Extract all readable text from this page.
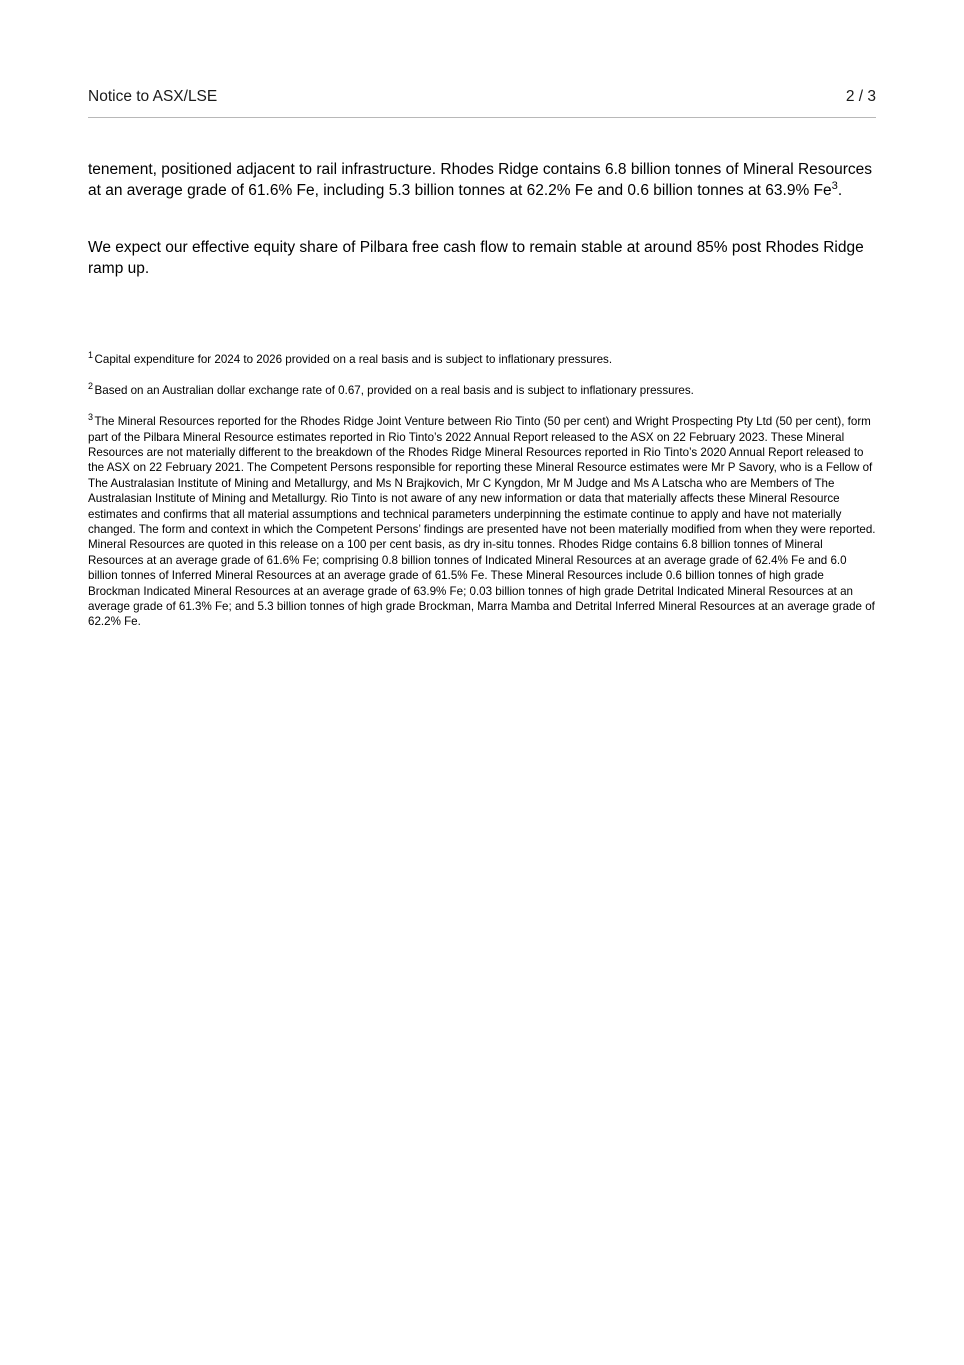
Notice to ASX/LSE	2 / 3

tenement, positioned adjacent to rail infrastructure. Rhodes Ridge contains 6.8 billion tonnes of Mineral Resources at an average grade of 61.6% Fe, including 5.3 billion tonnes at 62.2% Fe and 0.6 billion tonnes at 63.9% Fe$^3$.

We expect our effective equity share of Pilbara free cash flow to remain stable at around 85% post Rhodes Ridge ramp up.

$^1$ Capital expenditure for 2024 to 2026 provided on a real basis and is subject to inflationary pressures.

$^2$ Based on an Australian dollar exchange rate of 0.67, provided on a real basis and is subject to inflationary pressures.

$^3$ The Mineral Resources reported for the Rhodes Ridge Joint Venture between Rio Tinto (50 per cent) and Wright Prospecting Pty Ltd (50 per cent), form part of the Pilbara Mineral Resource estimates reported in Rio Tinto’s 2022 Annual Report released to the ASX on 22 February 2023. These Mineral Resources are not materially different to the breakdown of the Rhodes Ridge Mineral Resources reported in Rio Tinto’s 2020 Annual Report released to the ASX on 22 February 2021. The Competent Persons responsible for reporting these Mineral Resource estimates were Mr P Savory, who is a Fellow of The Australasian Institute of Mining and Metallurgy, and Ms N Brajkovich, Mr C Kyngdon, Mr M Judge and Ms A Latscha who are Members of The Australasian Institute of Mining and Metallurgy. Rio Tinto is not aware of any new information or data that materially affects these Mineral Resource estimates and confirms that all material assumptions and technical parameters underpinning the estimate continue to apply and have not materially changed. The form and context in which the Competent Persons’ findings are presented have not been materially modified from when they were reported. Mineral Resources are quoted in this release on a 100 per cent basis, as dry in-situ tonnes. Rhodes Ridge contains 6.8 billion tonnes of Mineral Resources at an average grade of 61.6% Fe; comprising 0.8 billion tonnes of Indicated Mineral Resources at an average grade of 62.4% Fe and 6.0 billion tonnes of Inferred Mineral Resources at an average grade of 61.5% Fe. These Mineral Resources include 0.6 billion tonnes of high grade Brockman Indicated Mineral Resources at an average grade of 63.9% Fe; 0.03 billion tonnes of high grade Detrital Indicated Mineral Resources at an average grade of 61.3% Fe; and 5.3 billion tonnes of high grade Brockman, Marra Mamba and Detrital Inferred Mineral Resources at an average grade of 62.2% Fe.
